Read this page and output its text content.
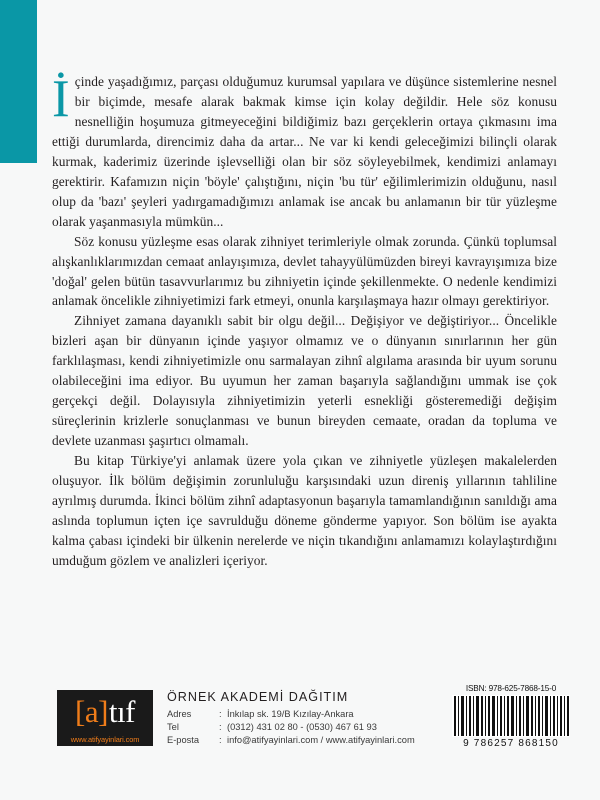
İçinde yaşadığımız, parçası olduğumuz kurumsal yapılara ve düşünce sistemlerine nesnel bir biçimde, mesafe alarak bakmak kimse için kolay değildir. Hele söz konusu nesnelliğin hoşumuza gitmeyeceğini bildiğimiz bazı gerçeklerin ortaya çıkmasını ima ettiği durumlarda, direncimiz daha da artar... Ne var ki kendi geleceğimizi bilinçli olarak kurmak, kaderimiz üzerinde işlevselliği olan bir söz söyleyebilmek, kendimizi anlamayı gerektirir. Kafamızın niçin 'böyle' çalıştığını, niçin 'bu tür' eğilimlerimizin olduğunu, nasıl olup da 'bazı' şeyleri yadırgamadığımızı anlamak ise ancak bu anlamanın bir tür yüzleşme olarak yaşanmasıyla mümkün...

Söz konusu yüzleşme esas olarak zihniyet terimleriyle olmak zorunda. Çünkü toplumsal alışkanlıklarımızdan cemaat anlayışımıza, devlet tahayyülümüzden bireyi kavrayışımıza bize 'doğal' gelen bütün tasavvurlarımız bu zihniyetin içinde şekillenmekte. O nedenle kendimizi anlamak öncelikle zihniyetimizi fark etmeyi, onunla karşılaşmaya hazır olmayı gerektiriyor.

Zihniyet zamana dayanıklı sabit bir olgu değil... Değişiyor ve değiştiriyor... Öncelikle bizleri aşan bir dünyanın içinde yaşıyor olmamız ve o dünyanın sınırlarının her gün farklılaşması, kendi zihniyetimizle onu sarmalayan zihnî algılama arasında bir uyum sorunu olabileceğini ima ediyor. Bu uyumun her zaman başarıyla sağlandığını ummak ise çok gerçekçi değil. Dolayısıyla zihniyetimizin yeterli esnekliği gösteremediği değişim süreçlerinin krizlerle sonuçlanması ve bunun bireyden cemaate, oradan da topluma ve devlete uzanması şaşırtıcı olmamalı.

Bu kitap Türkiye'yi anlamak üzere yola çıkan ve zihniyetle yüzleşen makalelerden oluşuyor. İlk bölüm değişimin zorunluluğu karşısındaki uzun direniş yıllarının tahliline ayrılmış durumda. İkinci bölüm zihnî adaptasyonun başarıyla tamamlandığının sanıldığı ama aslında toplumun içten içe savrulduğu döneme gönderme yapıyor. Son bölüm ise ayakta kalma çabası içindeki bir ülkenin nerelerde ve niçin tıkandığını anlamamızı kolaylaştırdığını umduğum gözlem ve analizleri içeriyor.

[a] tıf
www.atifyayinlari.com
ÖRNEK AKADEMİ DAĞITIM
Adres	: İnkılap sk. 19/B Kızılay-Ankara
Tel	: (0312) 431 02 80 - (0530) 467 61 93
E-posta	: info@atifyayinlari.com / www.atifyayinlari.com
ISBN: 978-625-7868-15-0
9 786257 868150
